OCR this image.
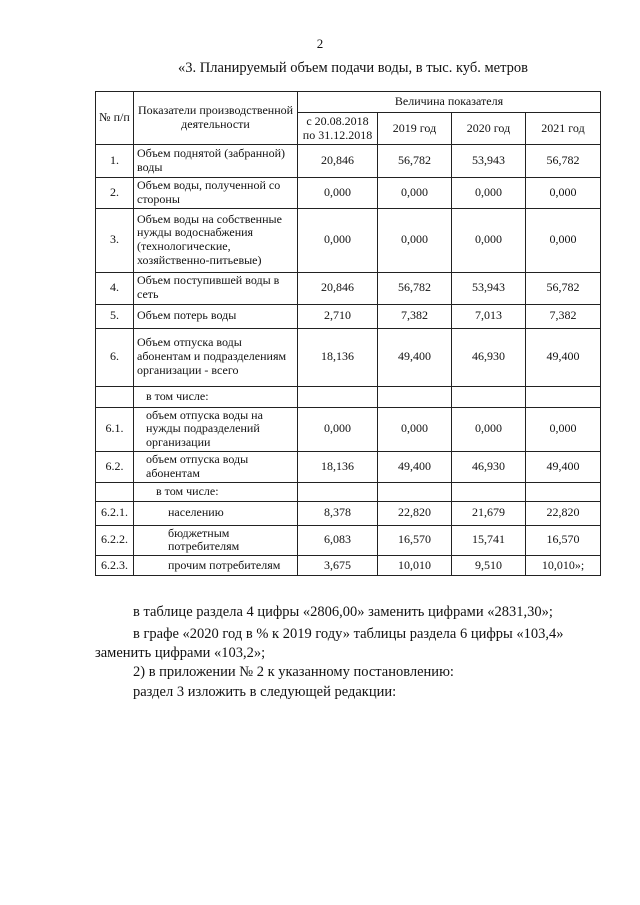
2
«3. Планируемый объем подачи воды, в тыс. куб. метров
№ п/п	Показатели производственной деятельности	Величина показателя			
		с 20.08.2018 по 31.12.2018	2019 год	2020 год	2021 год
1.	Объем поднятой (забранной) воды	20,846	56,782	53,943	56,782
2.	Объем воды, полученной со стороны	0,000	0,000	0,000	0,000
3.	Объем воды на собственные нужды водоснабжения (технологические, хозяйственно-питьевые)	0,000	0,000	0,000	0,000
4.	Объем поступившей воды в сеть	20,846	56,782	53,943	56,782
5.	Объем потерь воды	2,710	7,382	7,013	7,382
6.	Объем отпуска воды абонентам и подразделениям организации - всего	18,136	49,400	46,930	49,400
	в том числе:				
6.1.	объем отпуска воды на нужды подразделений организации	0,000	0,000	0,000	0,000
6.2.	объем отпуска воды абонентам	18,136	49,400	46,930	49,400
	в том числе:				
6.2.1.	населению	8,378	22,820	21,679	22,820
6.2.2.	бюджетным потребителям	6,083	16,570	15,741	16,570
6.2.3.	прочим потребителям	3,675	10,010	9,510	10,010»;
в таблице раздела 4 цифры «2806,00» заменить цифрами «2831,30»;
в графе «2020 год в % к 2019 году» таблицы раздела 6 цифры «103,4»
заменить цифрами «103,2»;
2) в приложении № 2 к указанному постановлению:
раздел 3 изложить в следующей редакции:
